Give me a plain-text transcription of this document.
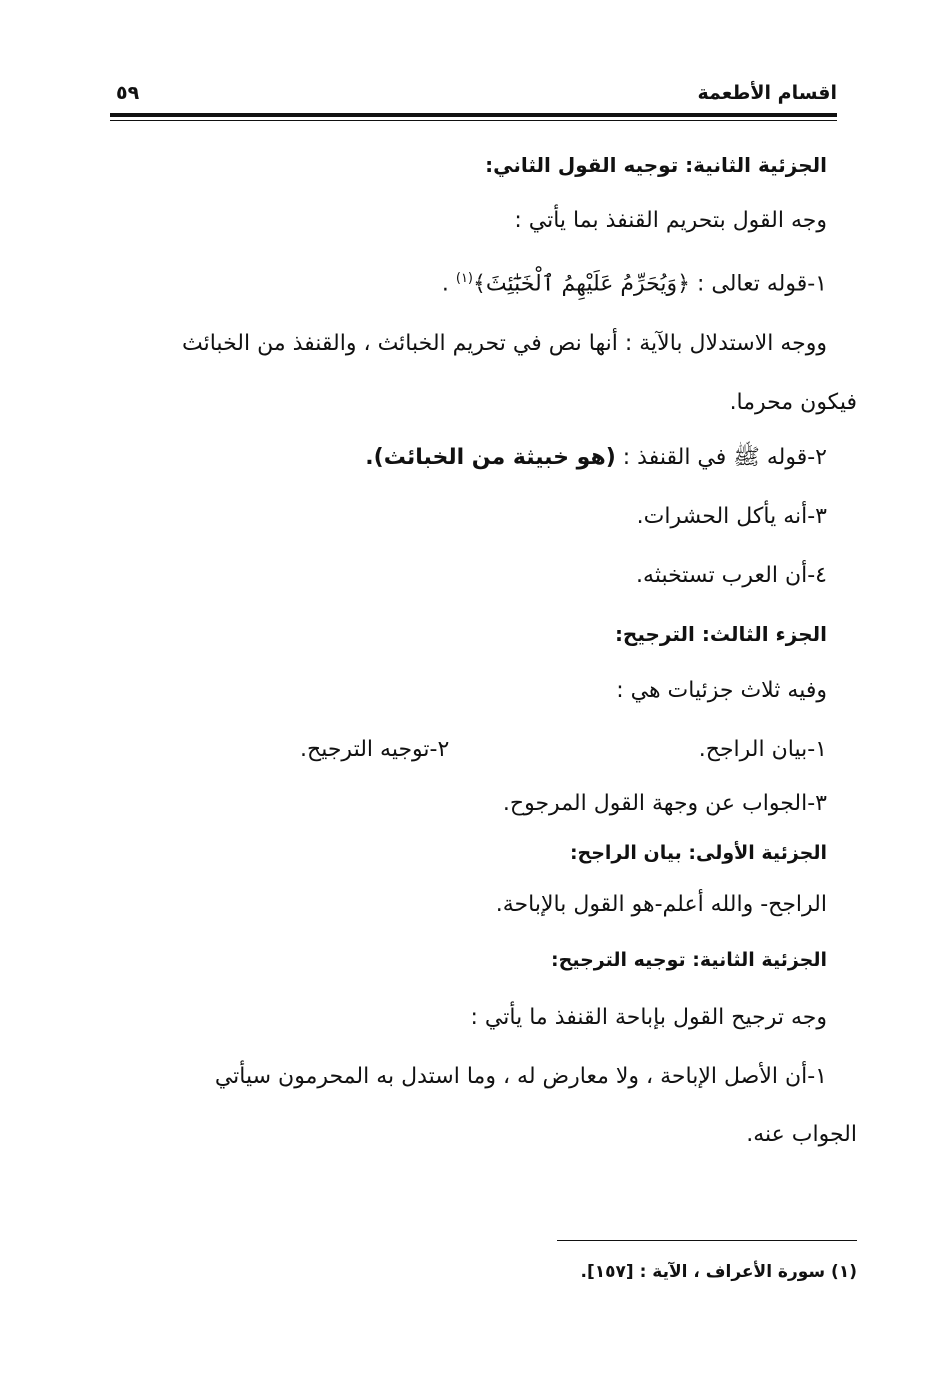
اقسام الأطعمة
٥٩
الجزئية الثانية: توجيه القول الثاني:
وجه القول بتحريم القنفذ بما يأتي :
١-قوله تعالى : ﴿وَيُحَرِّمُ عَلَيْهِمُ ٱلْخَبَٰٓئِثَ﴾$^{(١)}$ .
ووجه الاستدلال بالآية : أنها نص في تحريم الخبائث ، والقنفذ من الخبائث
فيكون محرما.
٢-قوله ﷺ في القنفذ : (هو خبيثة من الخبائث).
٣-أنه يأكل الحشرات.
٤-أن العرب تستخبثه.
الجزء الثالث: الترجيح:
وفيه ثلاث جزئيات هي :
١-بيان الراجح.
٢-توجيه الترجيح.
٣-الجواب عن وجهة القول المرجوح.
الجزئية الأولى: بيان الراجح:
الراجح- والله أعلم-هو القول بالإباحة.
الجزئية الثانية: توجيه الترجيح:
وجه ترجيح القول بإباحة القنفذ ما يأتي :
١-أن الأصل الإباحة ، ولا معارض له ، وما استدل به المحرمون سيأتي
الجواب عنه.
(١) سورة الأعراف ، الآية : [١٥٧].
